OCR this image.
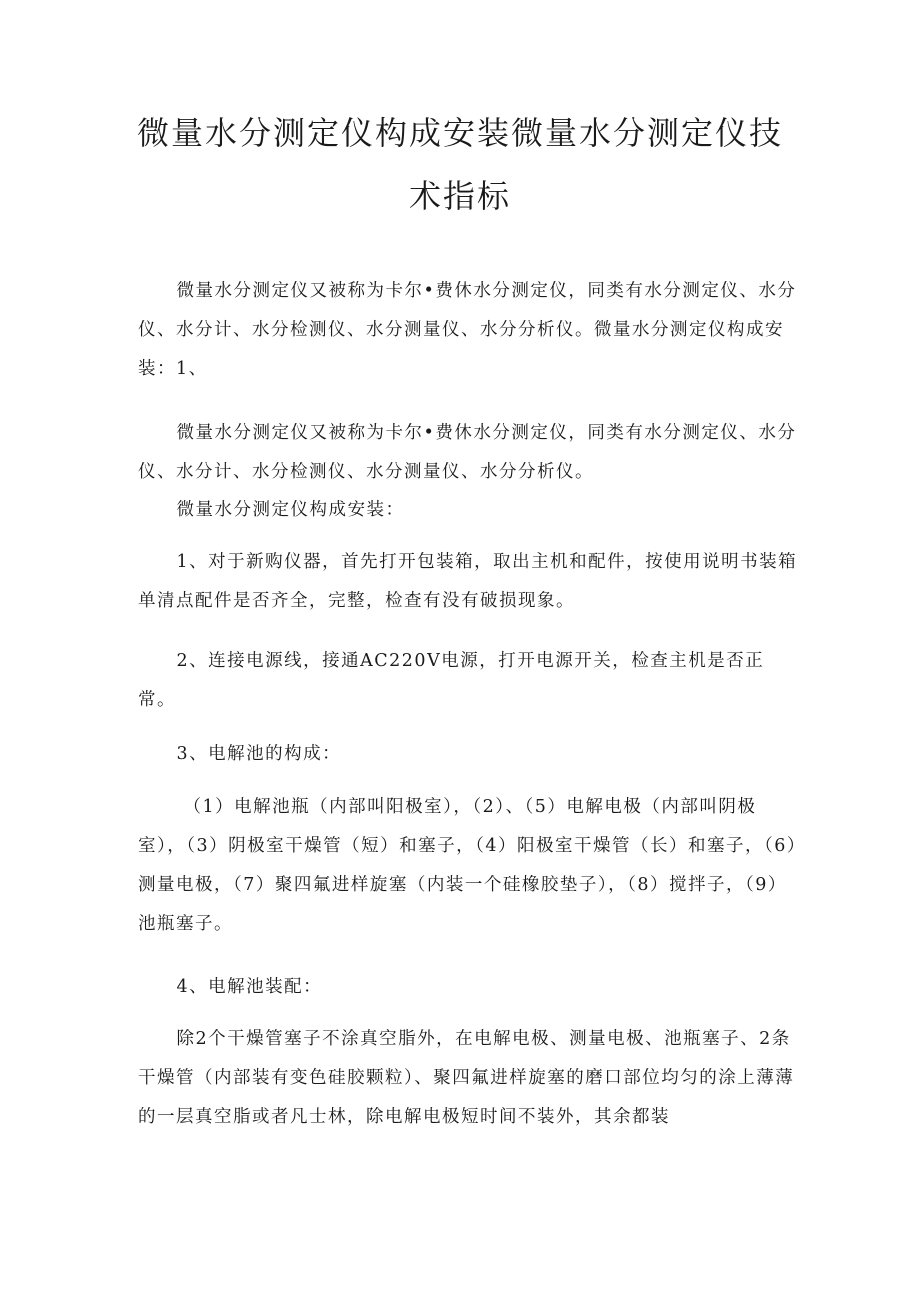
微量水分测定仪构成安装微量水分测定仪技
术指标

微量水分测定仪又被称为卡尔•费休水分测定仪，同类有水分测定仪、水分仪、水分计、水分检测仪、水分测量仪、水分分析仪。微量水分测定仪构成安装：1、

微量水分测定仪又被称为卡尔•费休水分测定仪，同类有水分测定仪、水分仪、水分计、水分检测仪、水分测量仪、水分分析仪。

微量水分测定仪构成安装：

1、对于新购仪器，首先打开包装箱，取出主机和配件，按使用说明书装箱单清点配件是否齐全，完整，检查有没有破损现象。

2、连接电源线，接通AC220V电源，打开电源开关，检查主机是否正常。

3、电解池的构成：

（1）电解池瓶（内部叫阳极室），（2）、（5）电解电极（内部叫阴极室），（3）阴极室干燥管（短）和塞子，（4）阳极室干燥管（长）和塞子，（6）测量电极，（7）聚四氟进样旋塞（内装一个硅橡胶垫子），（8）搅拌子，（9）池瓶塞子。

4、电解池装配：

除2个干燥管塞子不涂真空脂外，在电解电极、测量电极、池瓶塞子、2条干燥管（内部装有变色硅胶颗粒）、聚四氟进样旋塞的磨口部位均匀的涂上薄薄的一层真空脂或者凡士林，除电解电极短时间不装外，其余都装
